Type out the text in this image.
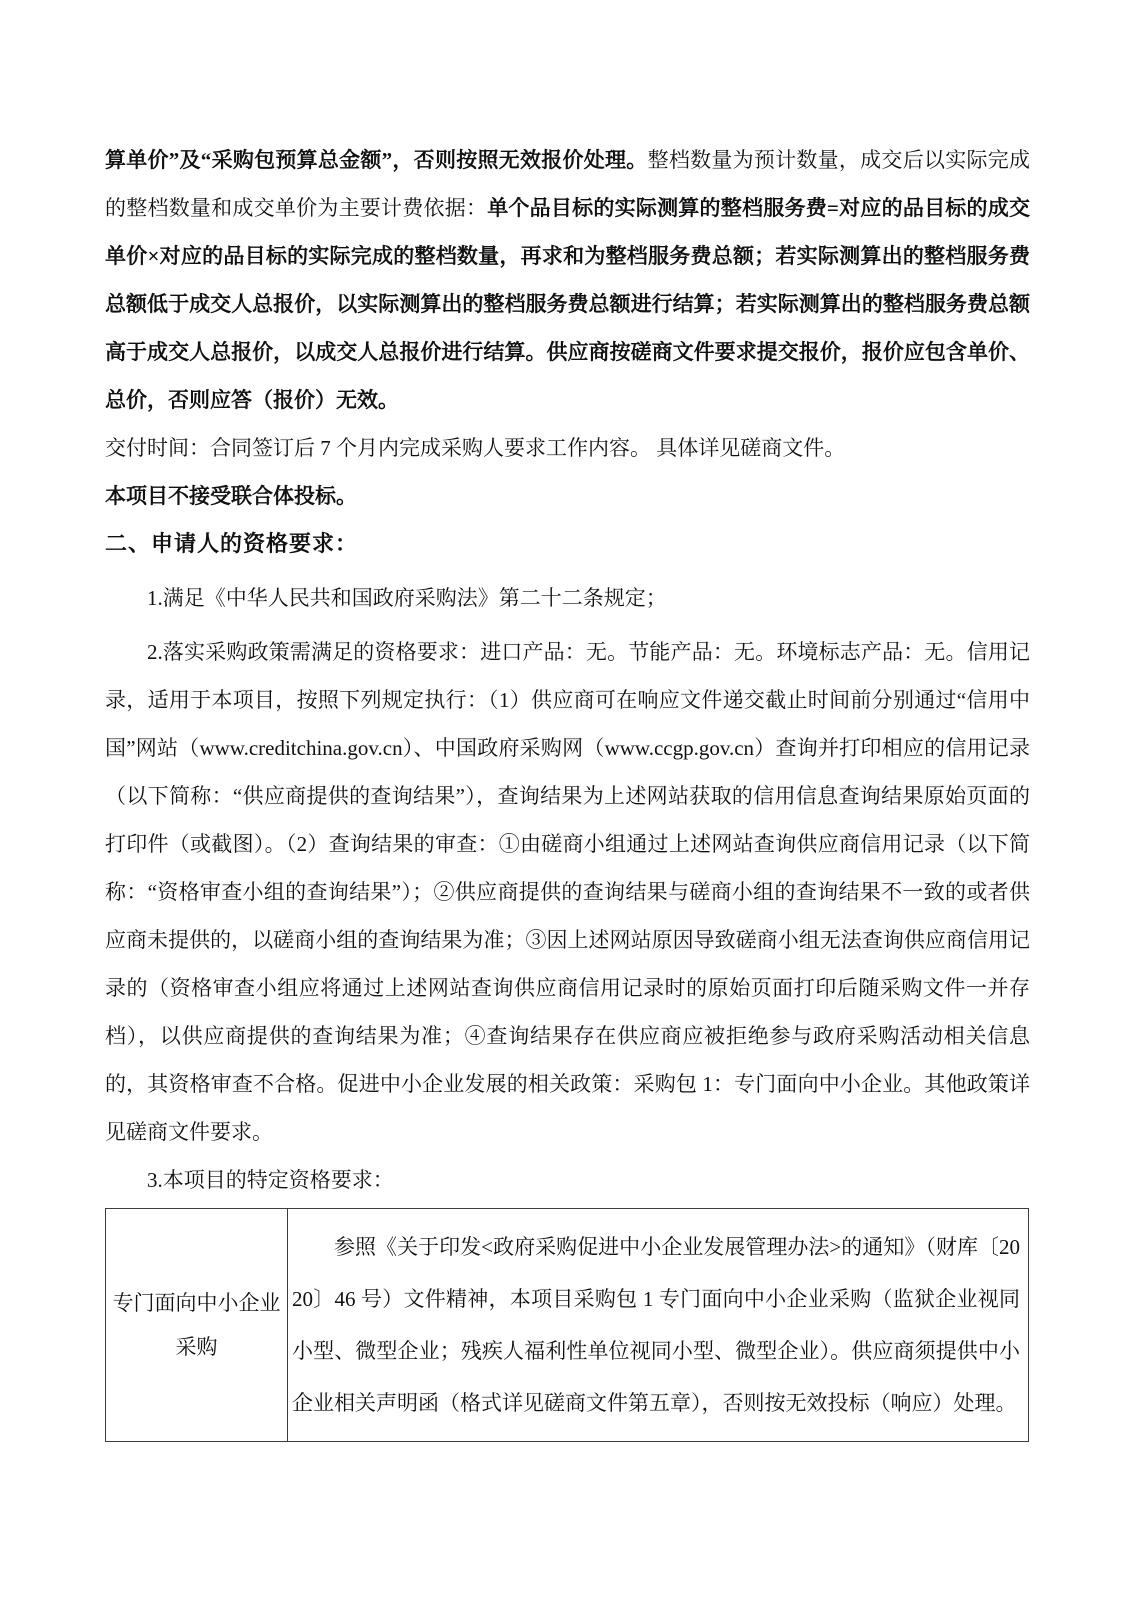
算单价”及“采购包预算总金额”，否则按照无效报价处理。整档数量为预计数量，成交后以实际完成的整档数量和成交单价为主要计费依据：单个品目标的实际测算的整档服务费=对应的品目标的成交单价×对应的品目标的实际完成的整档数量，再求和为整档服务费总额；若实际测算出的整档服务费总额低于成交人总报价，以实际测算出的整档服务费总额进行结算；若实际测算出的整档服务费总额高于成交人总报价，以成交人总报价进行结算。供应商按磋商文件要求提交报价，报价应包含单价、总价，否则应答（报价）无效。

交付时间：合同签订后 7 个月内完成采购人要求工作内容。 具体详见磋商文件。

本项目不接受联合体投标。

二、申请人的资格要求：

1.满足《中华人民共和国政府采购法》第二十二条规定；

2.落实采购政策需满足的资格要求：进口产品：无。节能产品：无。环境标志产品：无。信用记录，适用于本项目，按照下列规定执行：（1）供应商可在响应文件递交截止时间前分别通过“信用中国”网站（www.creditchina.gov.cn）、中国政府采购网（www.ccgp.gov.cn）查询并打印相应的信用记录（以下简称：“供应商提供的查询结果”），查询结果为上述网站获取的信用信息查询结果原始页面的打印件（或截图）。（2）查询结果的审查：①由磋商小组通过上述网站查询供应商信用记录（以下简称：“资格审查小组的查询结果”）；②供应商提供的查询结果与磋商小组的查询结果不一致的或者供应商未提供的，以磋商小组的查询结果为准；③因上述网站原因导致磋商小组无法查询供应商信用记录的（资格审查小组应将通过上述网站查询供应商信用记录时的原始页面打印后随采购文件一并存档），以供应商提供的查询结果为准；④查询结果存在供应商应被拒绝参与政府采购活动相关信息的，其资格审查不合格。促进中小企业发展的相关政策：采购包 1：专门面向中小企业。其他政策详见磋商文件要求。

3.本项目的特定资格要求：

专门面向中小企业采购	参照《关于印发<政府采购促进中小企业发展管理办法>的通知》（财库〔2020〕46 号）文件精神，本项目采购包 1 专门面向中小企业采购（监狱企业视同小型、微型企业；残疾人福利性单位视同小型、微型企业）。供应商须提供中小企业相关声明函（格式详见磋商文件第五章），否则按无效投标（响应）处理。
